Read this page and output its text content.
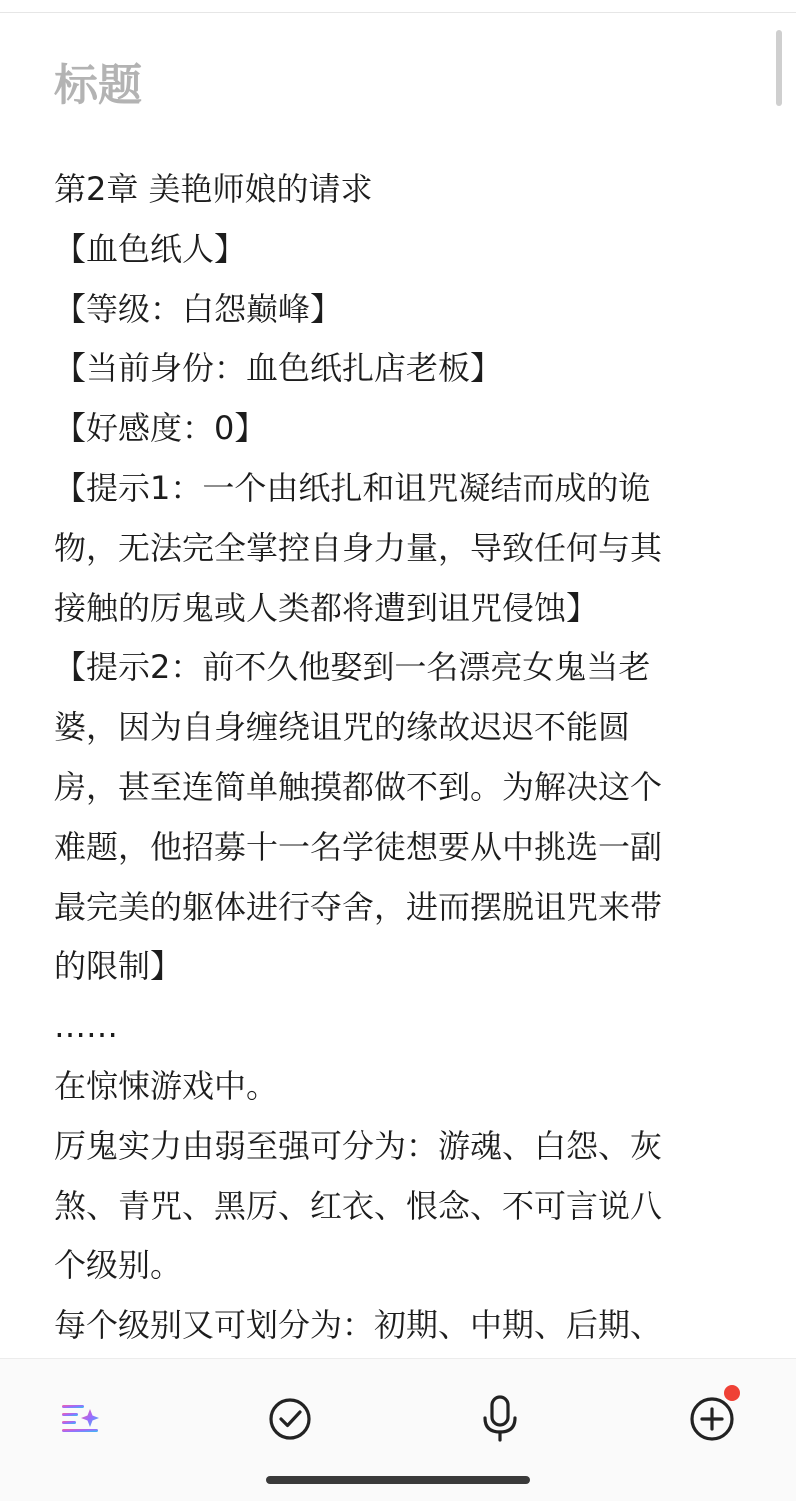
标题
第2章 美艳师娘的请求
【血色纸人】
【等级：白怨巅峰】
【当前身份：血色纸扎店老板】
【好感度：0】
【提示1：一个由纸扎和诅咒凝结而成的诡
物，无法完全掌控自身力量，导致任何与其
接触的厉鬼或人类都将遭到诅咒侵蚀】
【提示2：前不久他娶到一名漂亮女鬼当老
婆，因为自身缠绕诅咒的缘故迟迟不能圆
房，甚至连简单触摸都做不到。为解决这个
难题，他招募十一名学徒想要从中挑选一副
最完美的躯体进行夺舍，进而摆脱诅咒来带
的限制】
……
在惊悚游戏中。
厉鬼实力由弱至强可分为：游魂、白怨、灰
煞、青咒、黑厉、红衣、恨念、不可言说八
个级别。
每个级别又可划分为：初期、中期、后期、
